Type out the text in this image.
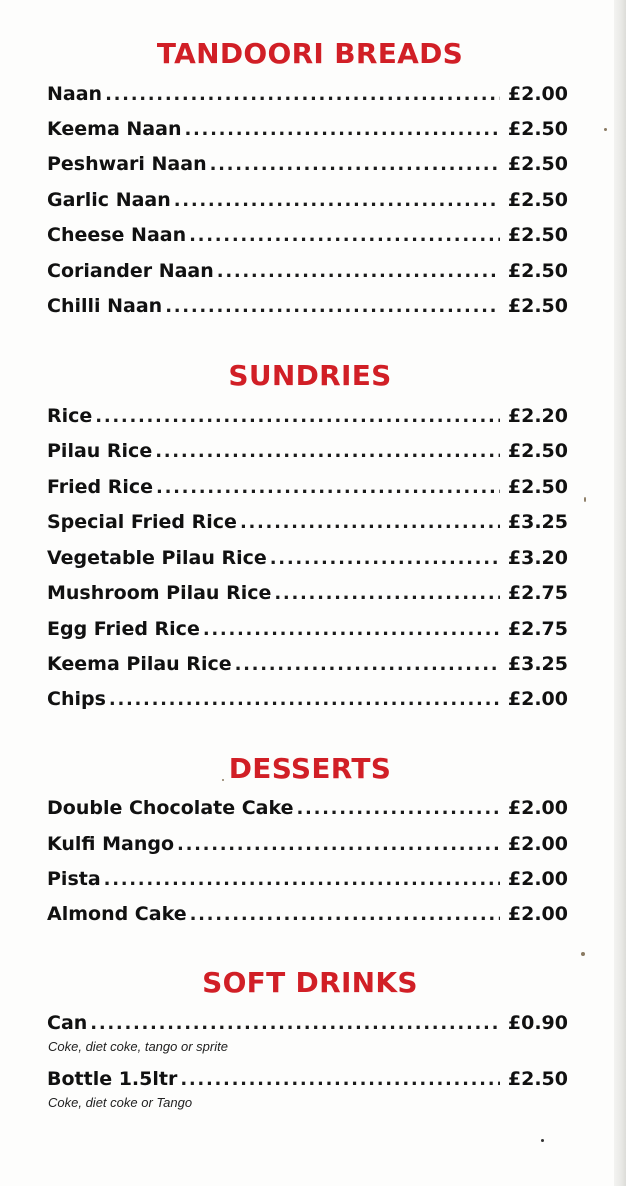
TANDOORI BREADS
Naan .....	£2.00
Keema Naan .....	£2.50
Peshwari Naan .....	£2.50
Garlic Naan .....	£2.50
Cheese Naan .....	£2.50
Coriander Naan .....	£2.50
Chilli Naan .....	£2.50
SUNDRIES
Rice .....	£2.20
Pilau Rice .....	£2.50
Fried Rice .....	£2.50
Special Fried Rice .....	£3.25
Vegetable Pilau Rice .....	£3.20
Mushroom Pilau Rice .....	£2.75
Egg Fried Rice .....	£2.75
Keema Pilau Rice .....	£3.25
Chips .....	£2.00
DESSERTS
Double Chocolate Cake .....	£2.00
Kulfi Mango .....	£2.00
Pista .....	£2.00
Almond Cake .....	£2.00
SOFT DRINKS
Can .....	£0.90
Coke, diet coke, tango or sprite
Bottle 1.5ltr .....	£2.50
Coke, diet coke or Tango
